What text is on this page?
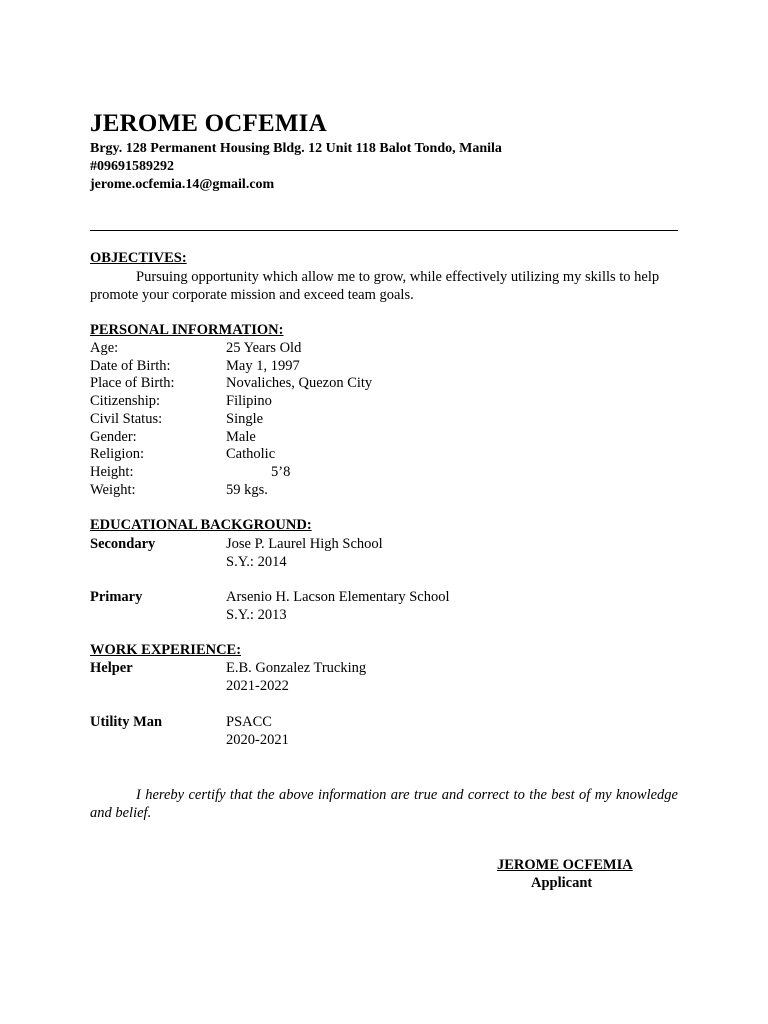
JEROME OCFEMIA
Brgy. 128 Permanent Housing Bldg. 12 Unit 118 Balot Tondo, Manila
#09691589292
jerome.ocfemia.14@gmail.com
OBJECTIVES:
Pursuing opportunity which allow me to grow, while effectively utilizing my skills to help promote your corporate mission and exceed team goals.
PERSONAL INFORMATION:
Age:	25 Years Old
Date of Birth:	May 1, 1997
Place of Birth:	Novaliches, Quezon City
Citizenship:	Filipino
Civil Status:	Single
Gender:	Male
Religion:	Catholic
Height:	5’8
Weight:	59 kgs.
EDUCATIONAL BACKGROUND:
Secondary	Jose P. Laurel High School
S.Y.: 2014
Primary	Arsenio H. Lacson Elementary School
S.Y.: 2013
WORK EXPERIENCE:
Helper	E.B. Gonzalez Trucking
2021-2022
Utility Man	PSACC
2020-2021
I hereby certify that the above information are true and correct to the best of my knowledge and belief.
JEROME OCFEMIA
Applicant
